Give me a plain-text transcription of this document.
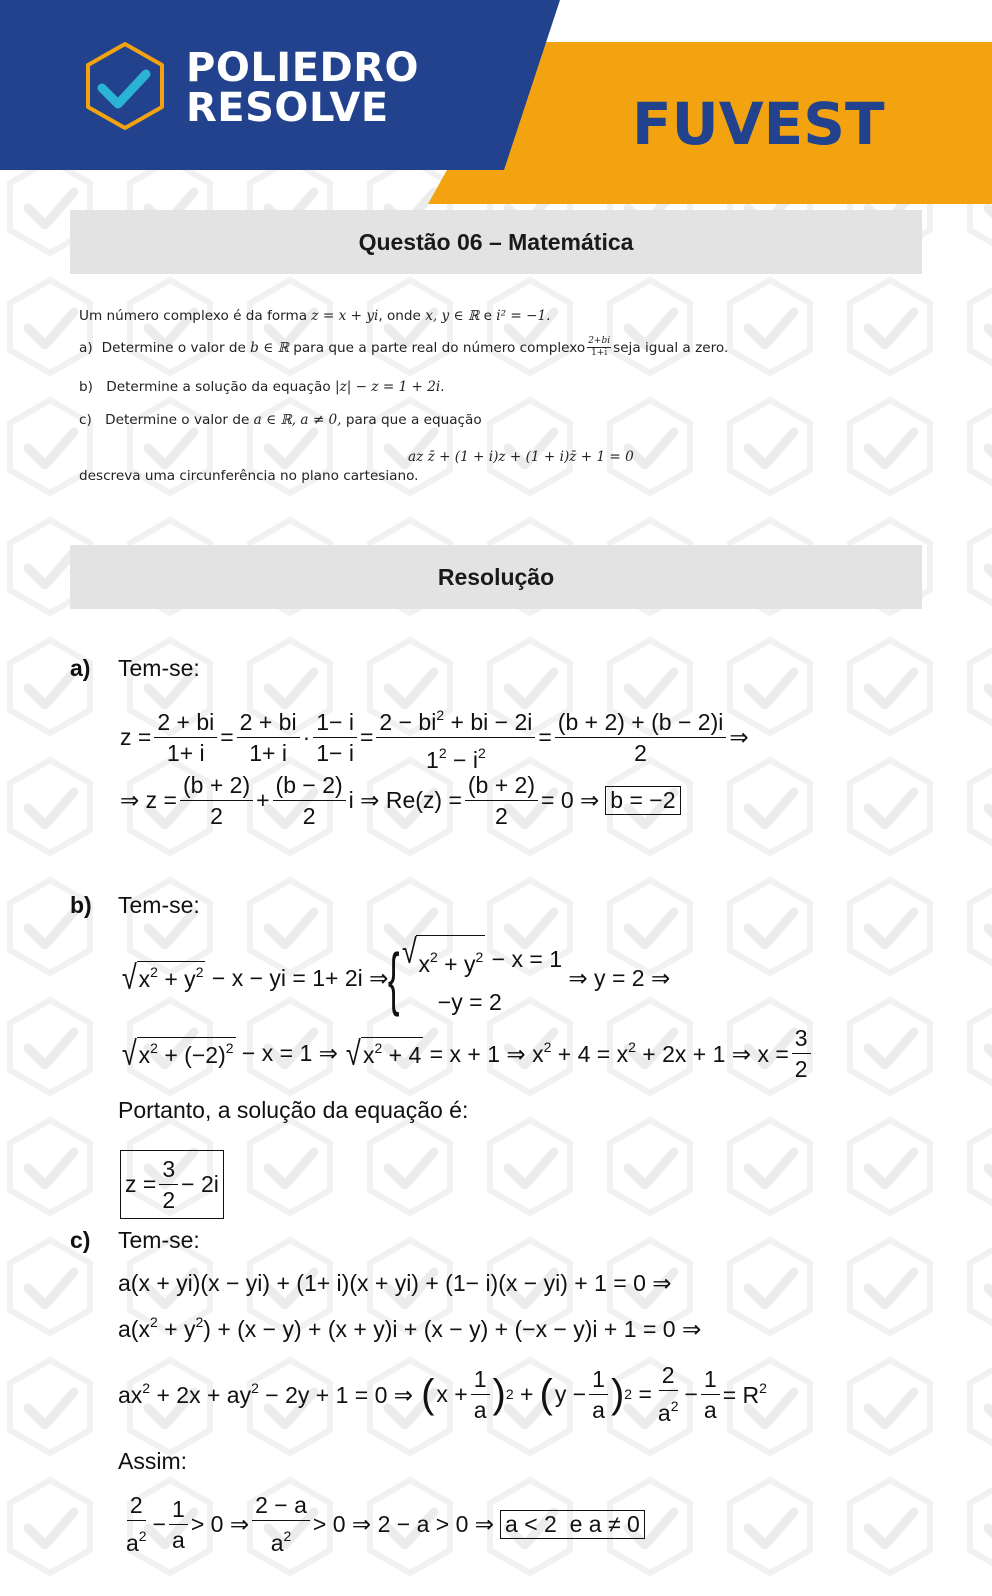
POLIEDRO
RESOLVE	FUVEST
Questão 06 – Matemática
Um número complexo é da forma z = x + yi, onde x, y ∈ ℝ e i² = −1.
a) Determine o valor de
b ∈ ℝ
para que a parte real do número complexo 2+bi
1+i seja igual a zero.
b) Determine a solução da equação |z| − z = 1 + 2i.
c) Determine o valor de a ∈ ℝ, a ≠ 0, para que a equação
az z̄ + (1 + i)z + (1 + i)z̄ + 1 = 0
descreva uma circunferência no plano cartesiano.
Resolução
a) Tem-se:
$z = \frac{2 + bi}{1+ i} = \frac{2 + bi}{1+ i} \cdot \frac{1- i}{1- i} = \frac{2 - bi^2 + bi - 2i}{1^2 - i^2} = \frac{(b + 2) + (b - 2)i}{2}$ ⇒
⇒ $z = \frac{(b + 2)}{2} + \frac{(b - 2)}{2}$ i ⇒ $Re(z) = \frac{(b + 2)}{2} = 0$ ⇒ b = −2
b) Tem-se:
√ $x^2 + y^2 - x$ − yi = 1+ 2i ⇒ { √ $x^2 + y^2 - x = 1$
−y = 2
⇒ y = 2 ⇒
√ $x^2 + (-2)^2 - x = 1$ ⇒ √ $x^2 + 4 = x + 1$ ⇒ $x^2 + 4 = x^2 + 2x + 1$ ⇒ $x = \frac{3}{2}$
Portanto, a solução da equação é:
$z = \frac{3}{2} - 2i$
c) Tem-se:
a(x + yi)(x − yi) + (1+ i)(x + yi) + (1− i)(x − yi) + 1 = 0 ⇒
$a(x^2 + y^2) + (x - y) + (x + y)i + (x - y) + (-x - y)i + 1 = 0$ ⇒
$ax^2 + 2x + ay^2 - 2y + 1 = 0$ ⇒ ( $x + \frac{1}{a}$ ) 2 + ( $y - \frac{1}{a}$ ) $2 = \frac{2}{a^2} - \frac{1}{a} = R^2$
Assim:
2
$a^2 - \frac{1}{a} > 0$ ⇒
2 − a
$a^2 > 0$ ⇒ 2 − a > 0 ⇒ a < 2  e a ≠ 0
